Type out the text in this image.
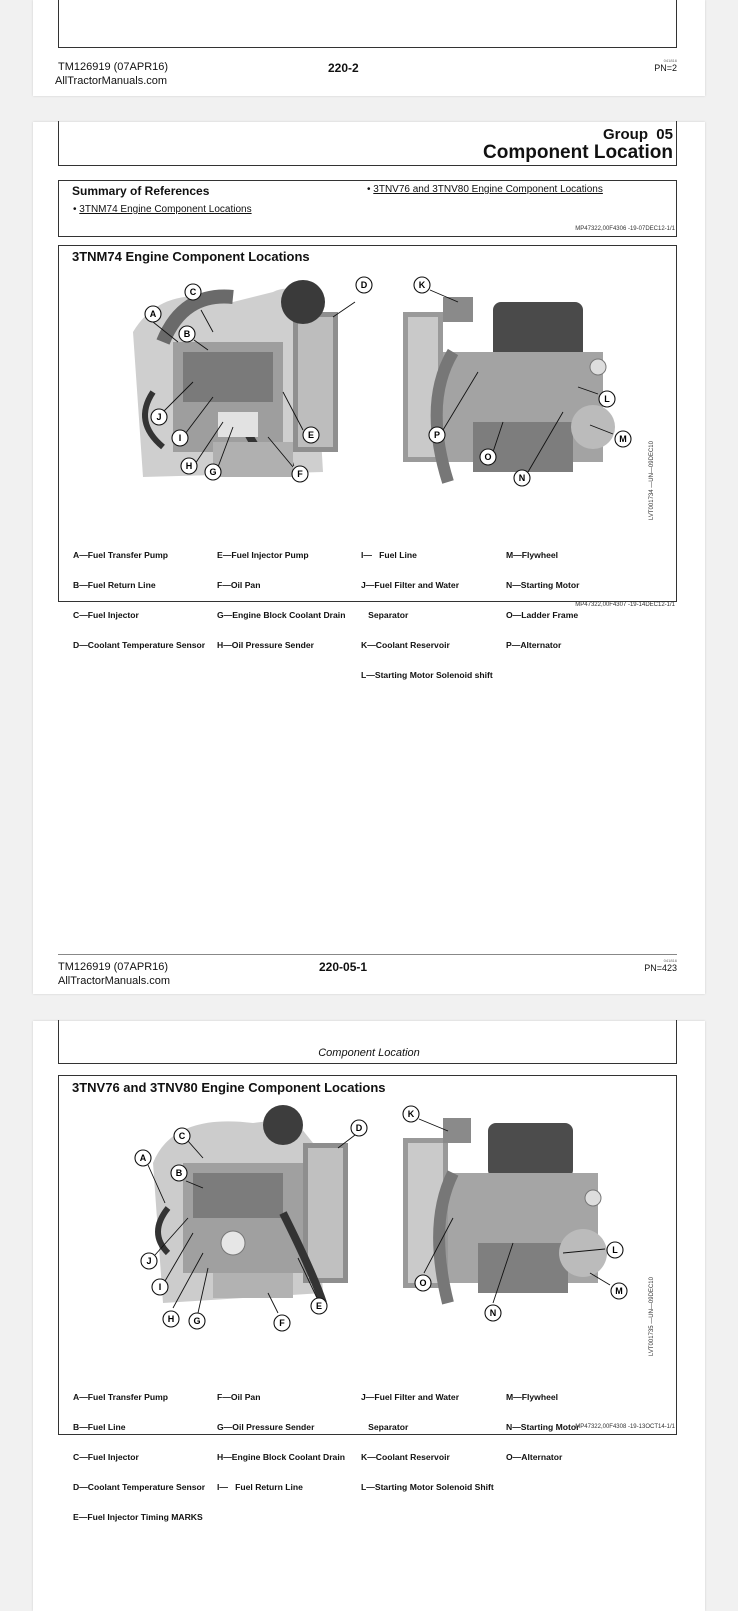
TM126919 (07APR16)
AllTractorManuals.com
220-2
041816
PN=2
Group  05
Component Location
Summary of References
• 3TNM74 Engine Component Locations
• 3TNV76 and 3TNV80 Engine Component Locations
MP47322,00F4306 -19-07DEC12-1/1
3TNM74 Engine Component Locations
A
B
C
D
E
F
G
H
I
J
K
L
M
N
O
P
LVT001734 —UN—09DEC10

A—Fuel Transfer Pump

B—Fuel Return Line

C—Fuel Injector

D—Coolant Temperature Sensor

E—Fuel Injector Pump

F—Oil Pan

G—Engine Block Coolant Drain

H—Oil Pressure Sender

I—   Fuel Line

J—Fuel Filter and Water

Separator

K—Coolant Reservoir

L—Starting Motor Solenoid shift

M—Flywheel

N—Starting Motor

O—Ladder Frame

P—Alternator

MP47322,00F4307 -19-14DEC12-1/1
TM126919 (07APR16)
AllTractorManuals.com
220-05-1	041816
PN=423
Component Location
3TNV76 and 3TNV80 Engine Component Locations
A
B
C
D
E
F
G
H
I
J
K
L
M
N
O	LVT001735 —UN—09DEC10

A—Fuel Transfer Pump

B—Fuel Line

C—Fuel Injector

D—Coolant Temperature Sensor

E—Fuel Injector Timing MARKS

F—Oil Pan

G—Oil Pressure Sender

H—Engine Block Coolant Drain

I—   Fuel Return Line

J—Fuel Filter and Water

Separator

K—Coolant Reservoir

L—Starting Motor Solenoid Shift

M—Flywheel

N—Starting Motor

O—Alternator

MP47322,00F4308 -19-13OCT14-1/1
